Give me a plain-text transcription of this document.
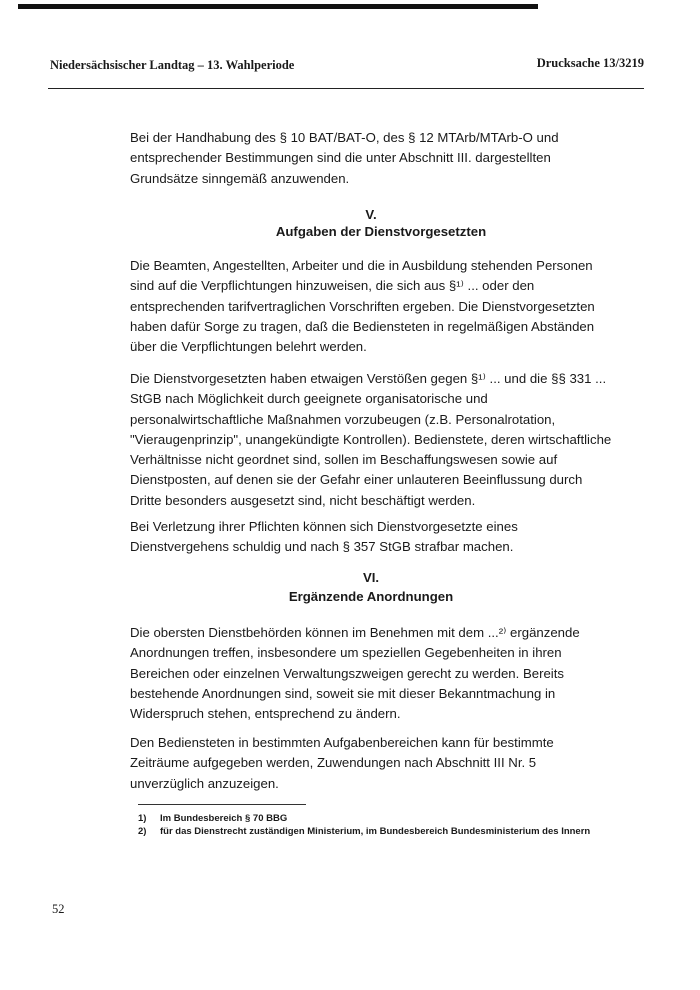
Niedersächsischer Landtag – 13. Wahlperiode	Drucksache 13/3219

Bei der Handhabung des § 10 BAT/BAT-O, des § 12 MTArb/MTArb-O und entsprechender Bestimmungen sind die unter Abschnitt III. dargestellten Grundsätze sinngemäß anzuwenden.

V.

Aufgaben der Dienstvorgesetzten

Die Beamten, Angestellten, Arbeiter und die in Ausbildung stehenden Personen sind auf die Verpflichtungen hinzuweisen, die sich aus §¹⁾ ... oder den entsprechenden tarifvertraglichen Vorschriften ergeben. Die Dienstvorgesetzten haben dafür Sorge zu tragen, daß die Bediensteten in regelmäßigen Abständen über die Verpflichtungen belehrt werden.

Die Dienstvorgesetzten haben etwaigen Verstößen gegen §¹⁾ ... und die §§ 331 ... StGB nach Möglichkeit durch geeignete organisatorische und personalwirtschaftliche Maßnahmen vorzubeugen (z.B. Personalrotation, "Vieraugenprinzip", unangekündigte Kontrollen). Bedienstete, deren wirtschaftliche Verhältnisse nicht geordnet sind, sollen im Beschaffungswesen sowie auf Dienstposten, auf denen sie der Gefahr einer unlauteren Beeinflussung durch Dritte besonders ausgesetzt sind, nicht beschäftigt werden.

Bei Verletzung ihrer Pflichten können sich Dienstvorgesetzte eines Dienstvergehens schuldig und nach § 357 StGB strafbar machen.

VI.

Ergänzende Anordnungen

Die obersten Dienstbehörden können im Benehmen mit dem ...²⁾ ergänzende Anordnungen treffen, insbesondere um speziellen Gegebenheiten in ihren Bereichen oder einzelnen Verwaltungszweigen gerecht zu werden. Bereits bestehende Anordnungen sind, soweit sie mit dieser Bekanntmachung in Widerspruch stehen, entsprechend zu ändern.

Den Bediensteten in bestimmten Aufgabenbereichen kann für bestimmte Zeiträume aufgegeben werden, Zuwendungen nach Abschnitt III Nr. 5 unverzüglich anzuzeigen.

1) Im Bundesbereich § 70 BBG
2) für das Dienstrecht zuständigen Ministerium, im Bundesbereich Bundesministerium des Innern
52
